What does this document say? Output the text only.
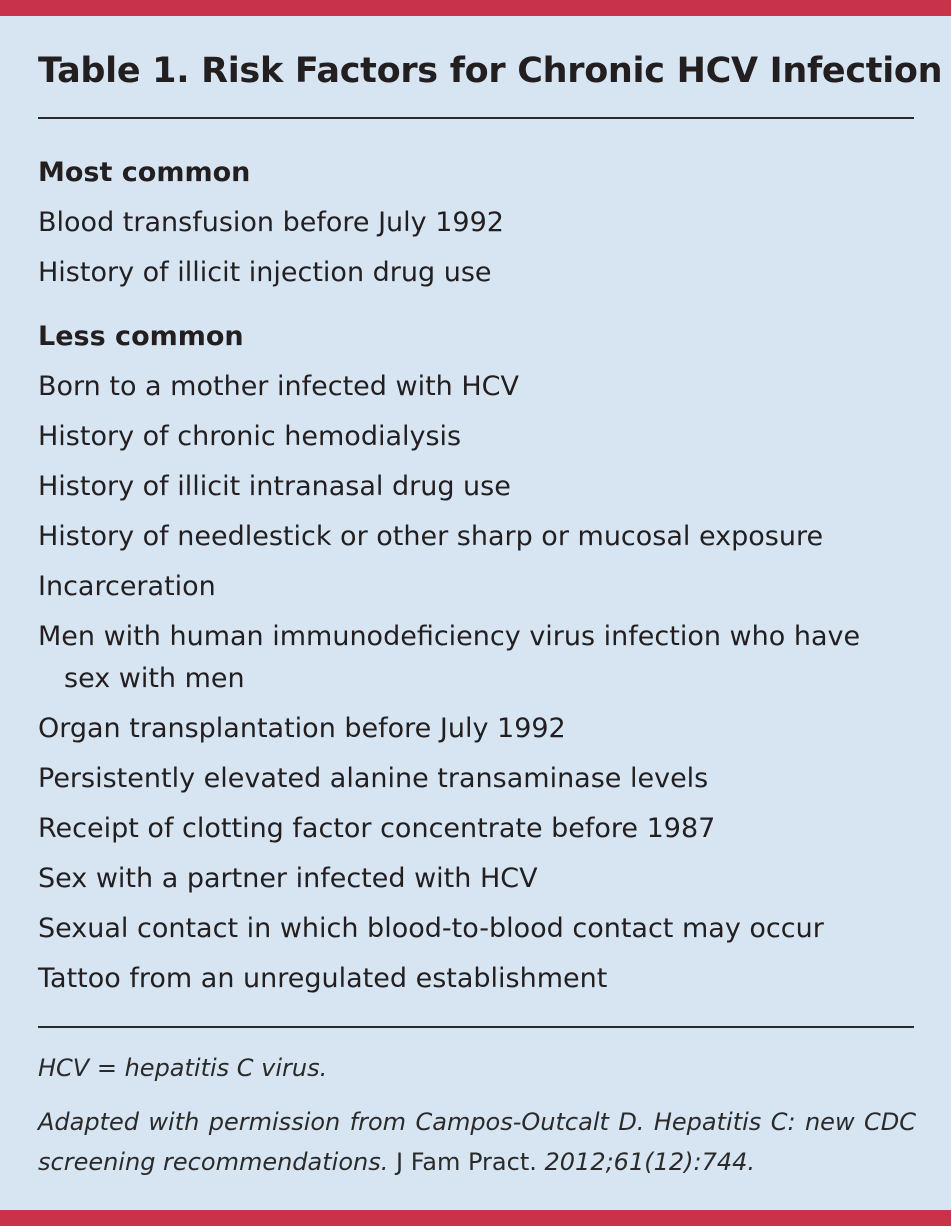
Table 1. Risk Factors for Chronic HCV Infection
Most common
Blood transfusion before July 1992
History of illicit injection drug use
Less common
Born to a mother infected with HCV
History of chronic hemodialysis
History of illicit intranasal drug use
History of needlestick or other sharp or mucosal exposure
Incarceration
Men with human immunodeficiency virus infection who have sex with men
Organ transplantation before July 1992
Persistently elevated alanine transaminase levels
Receipt of clotting factor concentrate before 1987
Sex with a partner infected with HCV
Sexual contact in which blood-to-blood contact may occur
Tattoo from an unregulated establishment
HCV = hepatitis C virus.
Adapted with permission from Campos-Outcalt D. Hepatitis C: new CDC screening recommendations. J Fam Pract. 2012;61(12):744.
